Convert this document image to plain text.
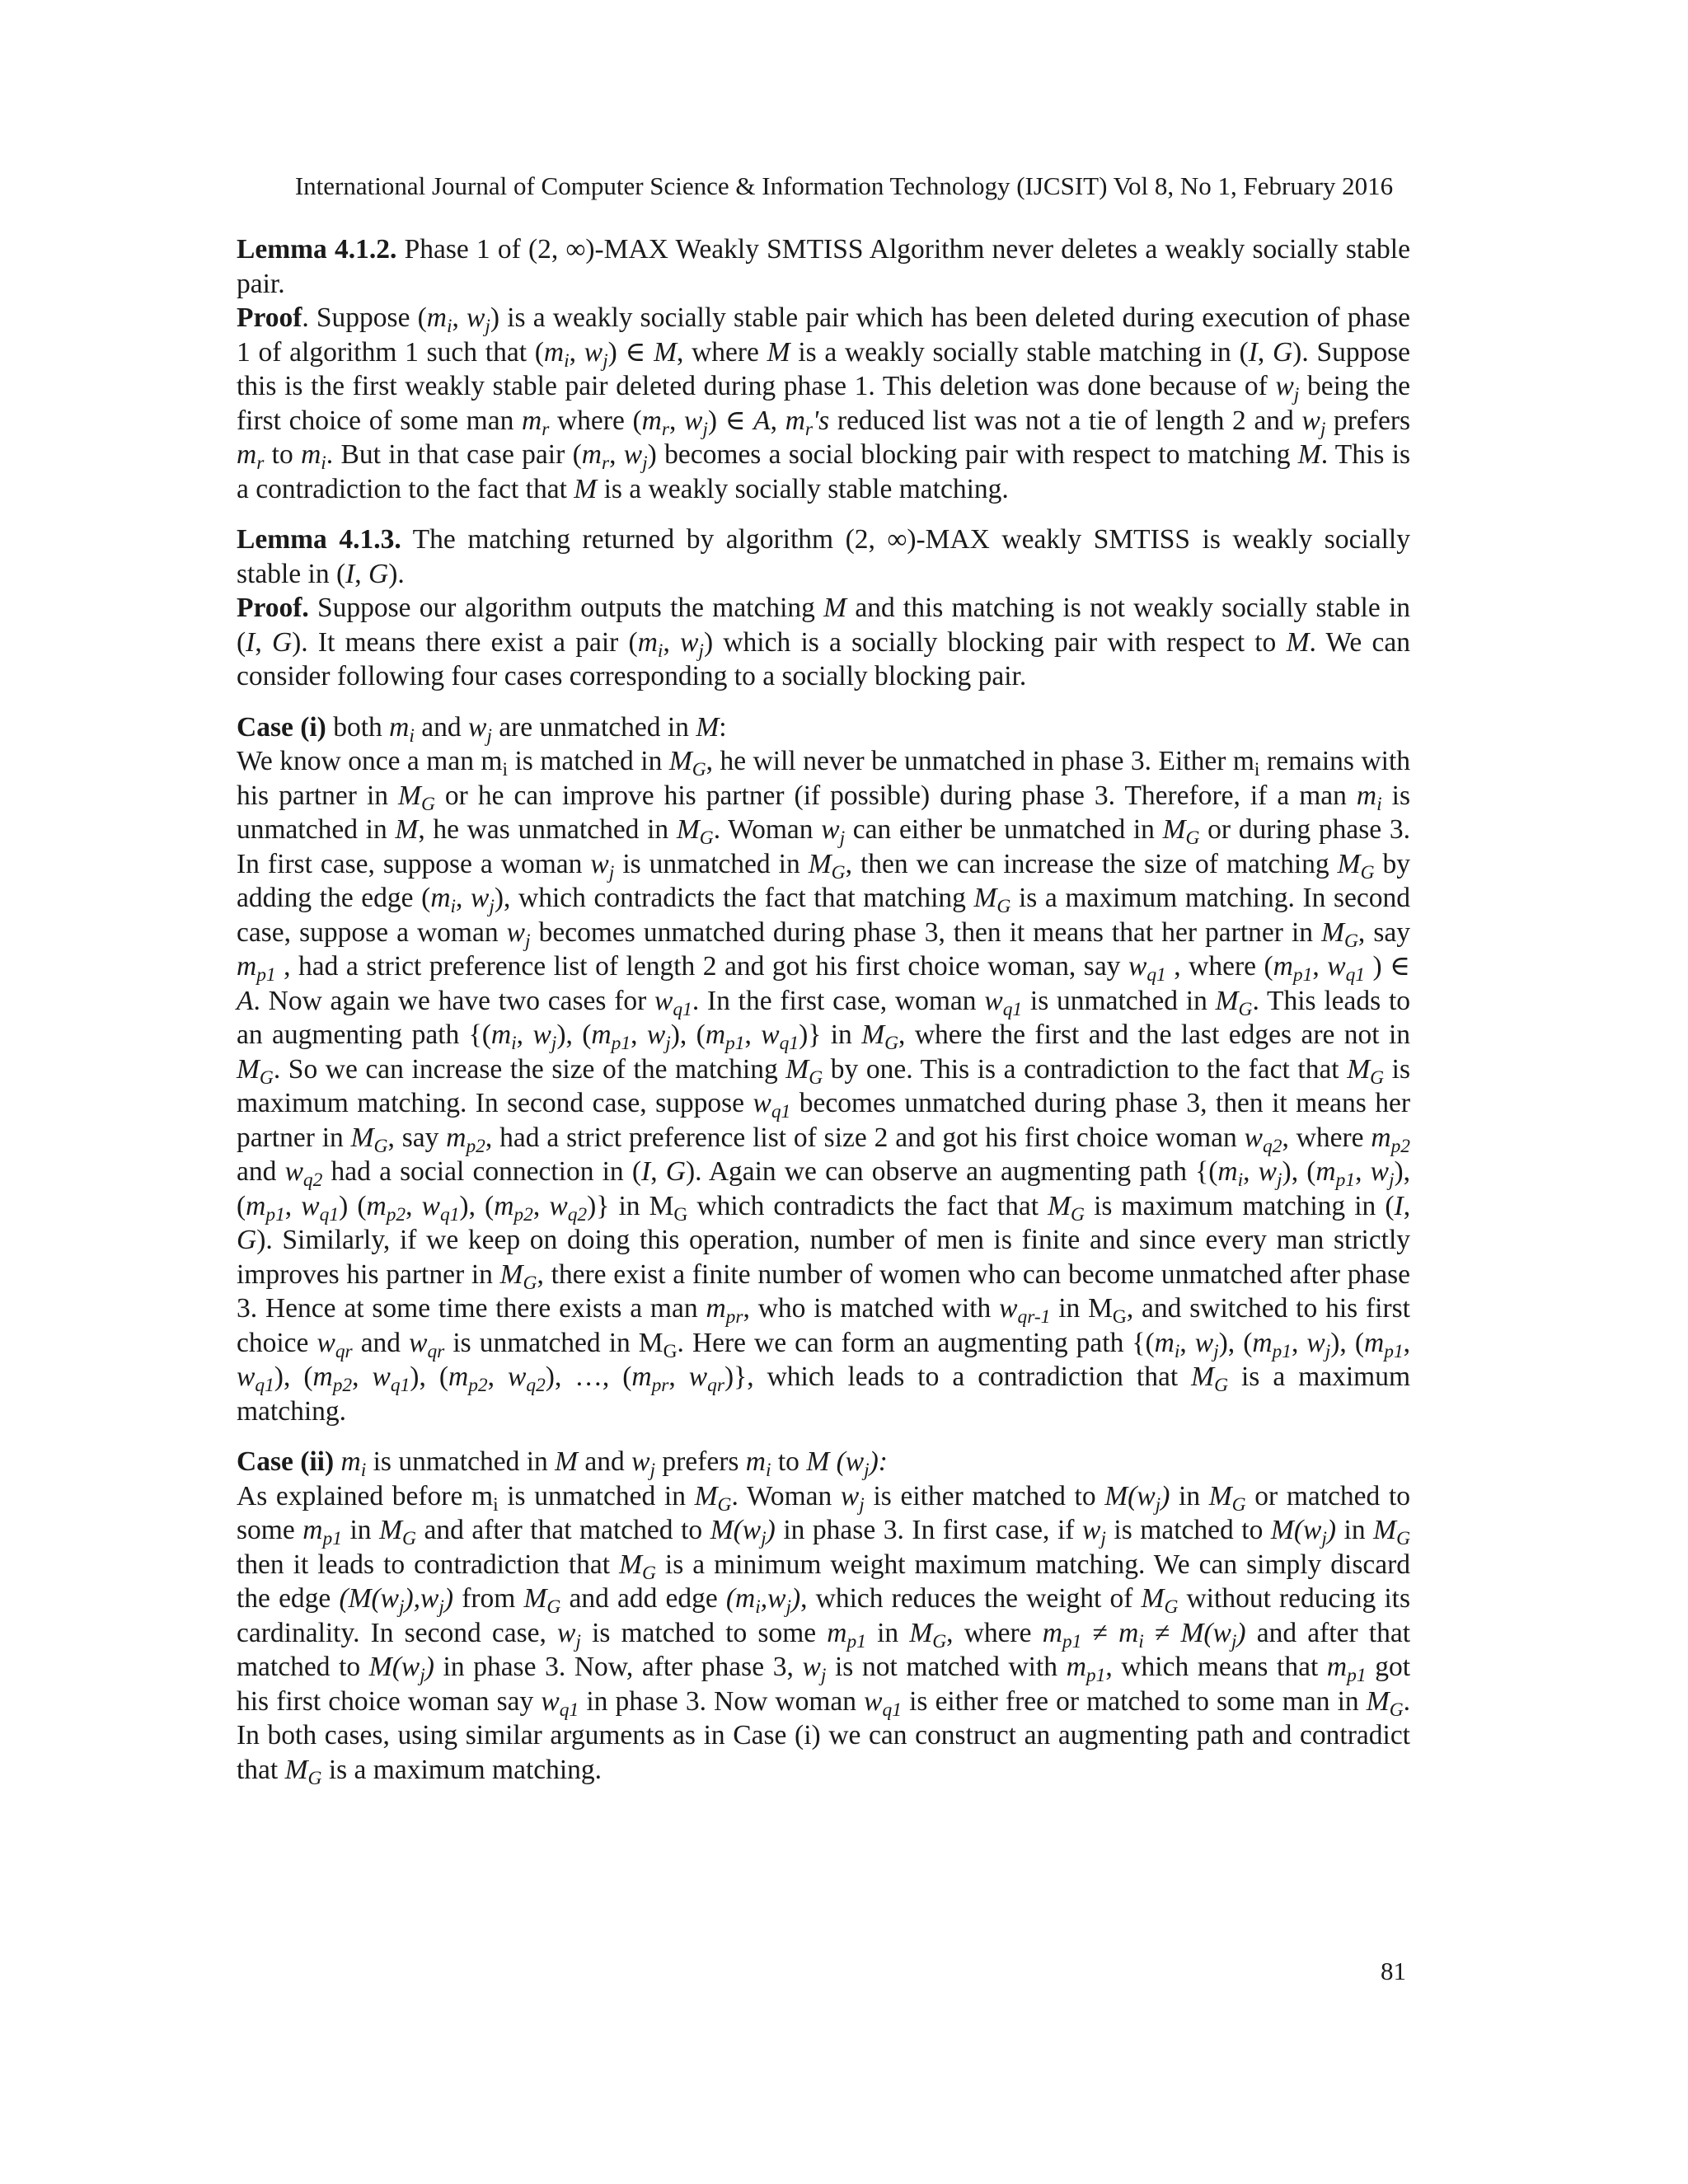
International Journal of Computer Science & Information Technology (IJCSIT) Vol 8, No 1, February 2016

Lemma 4.1.2. Phase 1 of (2, ∞)-MAX Weakly SMTISS Algorithm never deletes a weakly socially stable pair.

Proof. Suppose ($m_i$, $w_j$) is a weakly socially stable pair which has been deleted during execution of phase 1 of algorithm 1 such that ($m_i$, $w_j$) ∈ M, where M is a weakly socially stable matching in (I, G). Suppose this is the first weakly stable pair deleted during phase 1. This deletion was done because of $w_j$ being the first choice of some man $m_r$ where ($m_r$, $w_j$) ∈ A, $m_r's$ reduced list was not a tie of length 2 and $w_j$ prefers $m_r$ to $m_i$. But in that case pair ($m_r$, $w_j$) becomes a social blocking pair with respect to matching M. This is a contradiction to the fact that M is a weakly socially stable matching.

Lemma 4.1.3. The matching returned by algorithm (2, ∞)-MAX weakly SMTISS is weakly socially stable in (I, G).

Proof. Suppose our algorithm outputs the matching M and this matching is not weakly socially stable in (I, G). It means there exist a pair ($m_i$, $w_j$) which is a socially blocking pair with respect to M. We can consider following four cases corresponding to a socially blocking pair.

Case (i) both $m_i$ and $w_j$ are unmatched in M:

We know once a man $m_i$ is matched in $M_G$, he will never be unmatched in phase 3. Either $m_i$ remains with his partner in $M_G$ or he can improve his partner (if possible) during phase 3. Therefore, if a man $m_i$ is unmatched in M, he was unmatched in $M_G$. Woman $w_j$ can either be unmatched in $M_G$ or during phase 3. In first case, suppose a woman $w_j$ is unmatched in $M_G$, then we can increase the size of matching $M_G$ by adding the edge ($m_i$, $w_j$), which contradicts the fact that matching $M_G$ is a maximum matching. In second case, suppose a woman $w_j$ becomes unmatched during phase 3, then it means that her partner in $M_G$, say $m_{p1}$ , had a strict preference list of length 2 and got his first choice woman, say $w_{q1}$ , where ($m_{p1}$, $w_{q1}$ ) ∈ A. Now again we have two cases for $w_{q1}$. In the first case, woman $w_{q1}$ is unmatched in $M_G$. This leads to an augmenting path {($m_i$, $w_j$), ($m_{p1}$, $w_j$), ($m_{p1}$, $w_{q1}$)} in $M_G$, where the first and the last edges are not in $M_G$. So we can increase the size of the matching $M_G$ by one. This is a contradiction to the fact that $M_G$ is maximum matching. In second case, suppose $w_{q1}$ becomes unmatched during phase 3, then it means her partner in $M_G$, say $m_{p2}$, had a strict preference list of size 2 and got his first choice woman $w_{q2}$, where $m_{p2}$ and $w_{q2}$ had a social connection in (I, G). Again we can observe an augmenting path {($m_i$, $w_j$), ($m_{p1}$, $w_j$), ($m_{p1}$, $w_{q1}$) ($m_{p2}$, $w_{q1}$), ($m_{p2}$, $w_{q2}$)} in $M_G$ which contradicts the fact that $M_G$ is maximum matching in (I, G). Similarly, if we keep on doing this operation, number of men is finite and since every man strictly improves his partner in $M_G$, there exist a finite number of women who can become unmatched after phase 3. Hence at some time there exists a man $m_{pr}$, who is matched with $w_{qr-1}$ in $M_G$, and switched to his first choice $w_{qr}$ and $w_{qr}$ is unmatched in $M_G$. Here we can form an augmenting path {($m_i$, $w_j$), ($m_{p1}$, $w_j$), ($m_{p1}$, $w_{q1}$), ($m_{p2}$, $w_{q1}$), ($m_{p2}$, $w_{q2}$), …, ($m_{pr}$, $w_{qr}$)}, which leads to a contradiction that $M_G$ is a maximum matching.

Case (ii) $m_i$ is unmatched in M and $w_j$ prefers $m_i$ to M $(w_j)$:

As explained before $m_i$ is unmatched in $M_G$. Woman $w_j$ is either matched to $M(w_j)$ in $M_G$ or matched to some $m_{p1}$ in $M_G$ and after that matched to $M(w_j)$ in phase 3. In first case, if $w_j$ is matched to $M(w_j)$ in $M_G$ then it leads to contradiction that $M_G$ is a minimum weight maximum matching. We can simply discard the edge $(M(w_j),w_j)$ from $M_G$ and add edge $(m_i,w_j)$, which reduces the weight of $M_G$ without reducing its cardinality. In second case, $w_j$ is matched to some $m_{p1}$ in $M_G$, where $m_{p1} \ne m_i \ne M(w_j)$ and after that matched to $M(w_j)$ in phase 3. Now, after phase 3, $w_j$ is not matched with $m_{p1}$, which means that $m_{p1}$ got his first choice woman say $w_{q1}$ in phase 3. Now woman $w_{q1}$ is either free or matched to some man in $M_G$. In both cases, using similar arguments as in Case (i) we can construct an augmenting path and contradict that $M_G$ is a maximum matching.

81
